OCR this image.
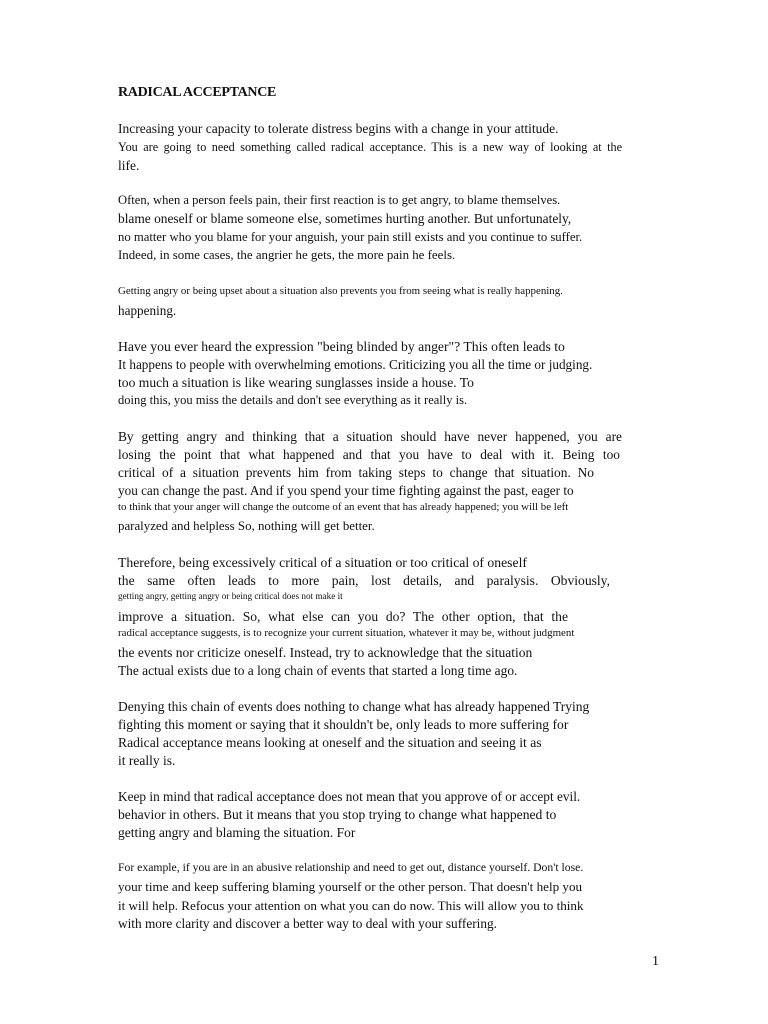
RADICAL ACCEPTANCE
Increasing your capacity to tolerate distress begins with a change in your attitude.
You are going to need something called radical acceptance. This is a new way of looking at the
life.
Often, when a person feels pain, their first reaction is to get angry, to blame themselves.
blame oneself or blame someone else, sometimes hurting another. But unfortunately,
no matter who you blame for your anguish, your pain still exists and you continue to suffer.
Indeed, in some cases, the angrier he gets, the more pain he feels.
Getting angry or being upset about a situation also prevents you from seeing what is really happening.
happening.
Have you ever heard the expression "being blinded by anger"? This often leads to
It happens to people with overwhelming emotions. Criticizing you all the time or judging.
too much a situation is like wearing sunglasses inside a house. To
doing this, you miss the details and don't see everything as it really is.
By getting angry and thinking that a situation should have never happened, you are
losing the point that what happened and that you have to deal with it. Being too
critical of a situation prevents him from taking steps to change that situation. No
you can change the past. And if you spend your time fighting against the past, eager to
to think that your anger will change the outcome of an event that has already happened; you will be left
paralyzed and helpless So, nothing will get better.
Therefore, being excessively critical of a situation or too critical of oneself
the same often leads to more pain, lost details, and paralysis. Obviously,
getting angry, getting angry or being critical does not make it
improve a situation. So, what else can you do? The other option, that the
radical acceptance suggests, is to recognize your current situation, whatever it may be, without judgment
the events nor criticize oneself. Instead, try to acknowledge that the situation
The actual exists due to a long chain of events that started a long time ago.
Denying this chain of events does nothing to change what has already happened Trying
fighting this moment or saying that it shouldn't be, only leads to more suffering for
Radical acceptance means looking at oneself and the situation and seeing it as
it really is.
Keep in mind that radical acceptance does not mean that you approve of or accept evil.
behavior in others. But it means that you stop trying to change what happened to
getting angry and blaming the situation. For
For example, if you are in an abusive relationship and need to get out, distance yourself. Don't lose.
your time and keep suffering blaming yourself or the other person. That doesn't help you
it will help. Refocus your attention on what you can do now. This will allow you to think
with more clarity and discover a better way to deal with your suffering.
1
